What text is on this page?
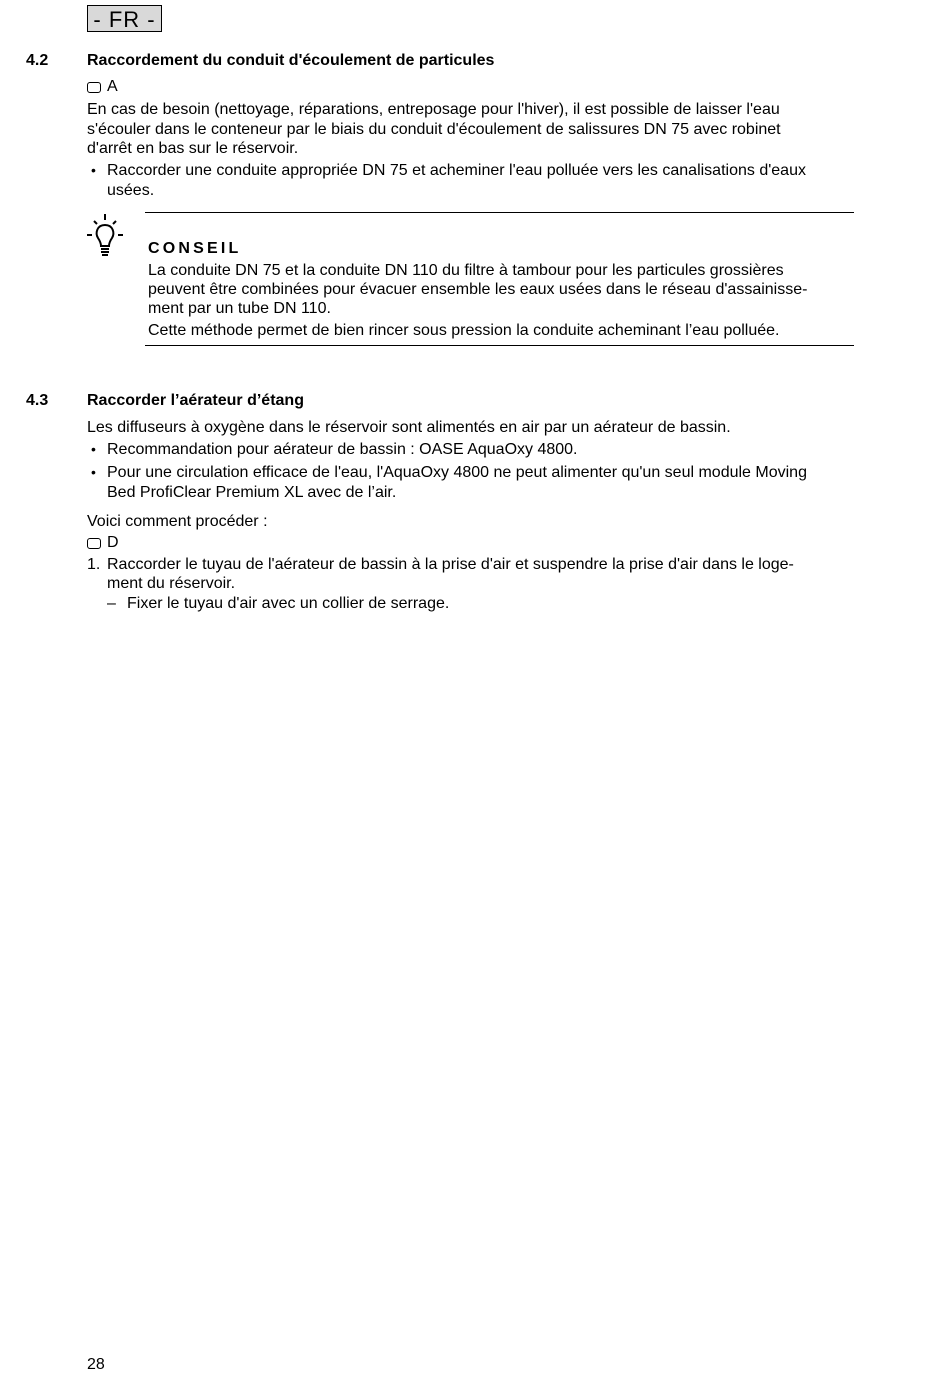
- FR -
4.2 Raccordement du conduit d'écoulement de particules
A
En cas de besoin (nettoyage, réparations, entreposage pour l'hiver), il est possible de laisser l'eau
s'écouler dans le conteneur par le biais du conduit d'écoulement de salissures DN 75 avec robinet
d'arrêt en bas sur le réservoir.
• Raccorder une conduite appropriée DN 75 et acheminer l'eau polluée vers les canalisations d'eaux
usées.
CONSEIL
La conduite DN 75 et la conduite DN 110 du filtre à tambour pour les particules grossières
peuvent être combinées pour évacuer ensemble les eaux usées dans le réseau d'assainisse-
ment par un tube DN 110.
Cette méthode permet de bien rincer sous pression la conduite acheminant l’eau polluée.
4.3 Raccorder l’aérateur d’étang
Les diffuseurs à oxygène dans le réservoir sont alimentés en air par un aérateur de bassin.
• Recommandation pour aérateur de bassin : OASE AquaOxy 4800.
• Pour une circulation efficace de l'eau, l'AquaOxy 4800 ne peut alimenter qu'un seul module Moving
Bed ProfiClear Premium XL avec de l’air.
Voici comment procéder :
D
1. Raccorder le tuyau de l'aérateur de bassin à la prise d'air et suspendre la prise d'air dans le loge-
ment du réservoir.
– Fixer le tuyau d'air avec un collier de serrage.
28
